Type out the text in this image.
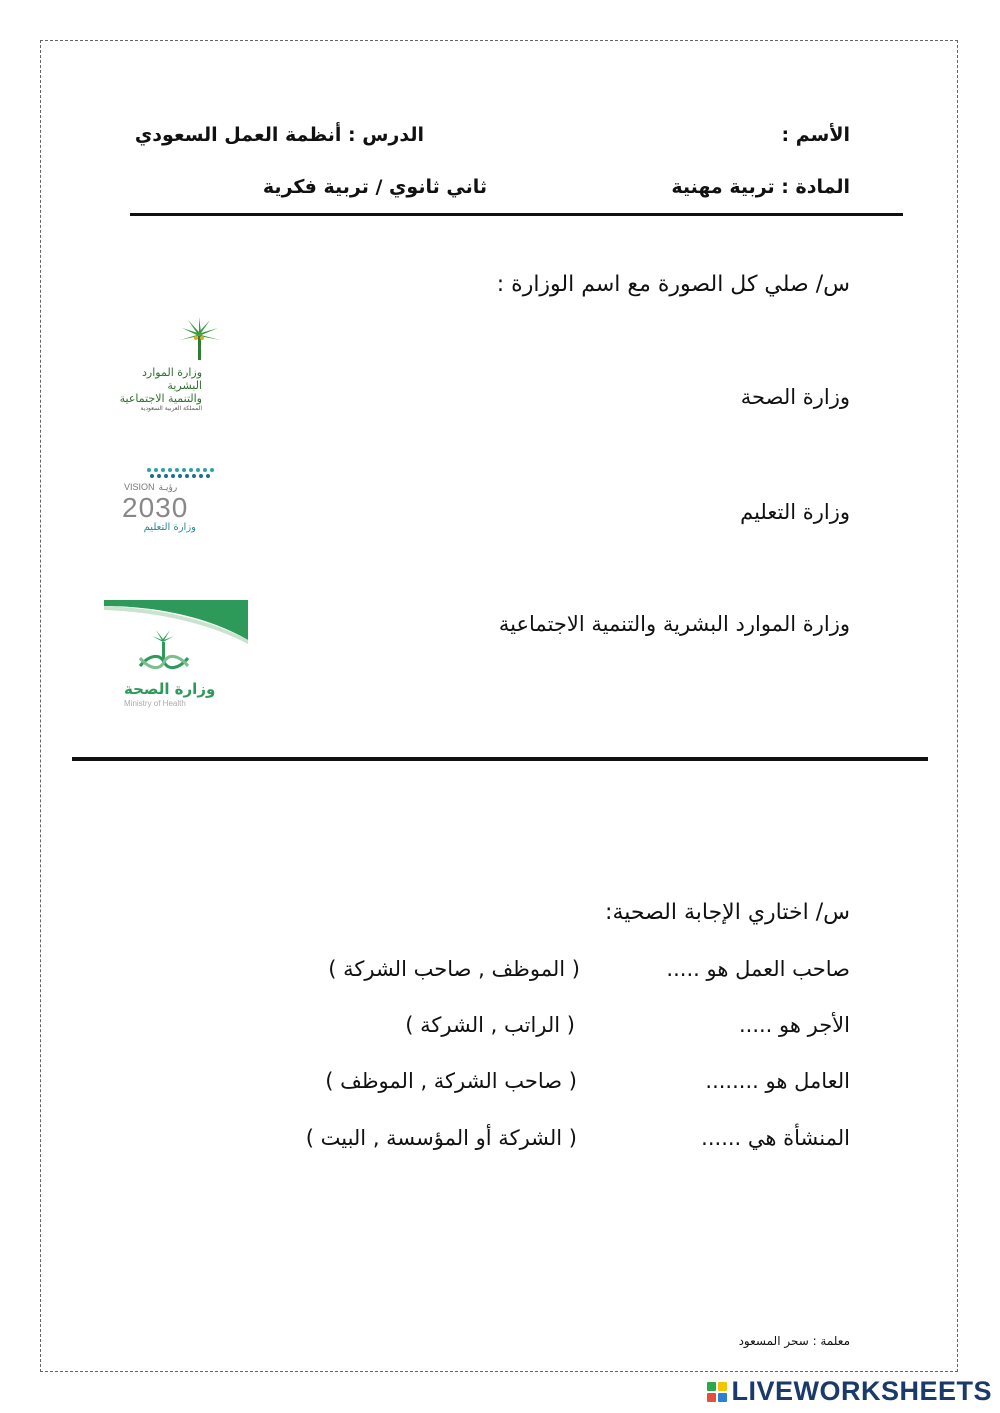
الأسم :
الدرس : أنظمة العمل السعودي
المادة : تربية مهنية
ثاني ثانوي / تربية فكرية
س/ صلي كل الصورة مع اسم الوزارة :
وزارة الصحة
وزارة التعليم
وزارة الموارد البشرية والتنمية الاجتماعية
وزارة الموارد البشرية
والتنمية الاجتماعية
المملكة العربية السعودية
VISION رؤيـة
2030
وزارة التعليم
وزارة الصحة
Ministry of Health
س/ اختاري الإجابة الصحية:
صاحب العمل هو .....
( الموظف , صاحب الشركة )
الأجر هو .....
( الراتب , الشركة )
العامل هو ........
( صاحب الشركة , الموظف )
المنشأة هي ......
( الشركة أو المؤسسة , البيت )
معلمة : سحر المسعود
LIVEWORKSHEETS
